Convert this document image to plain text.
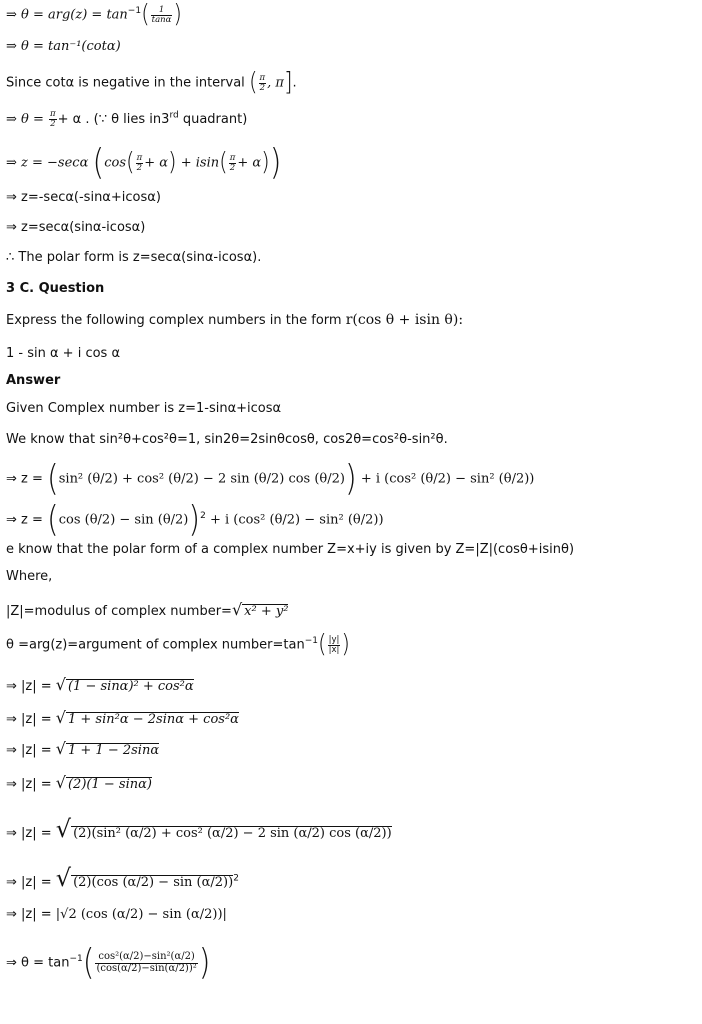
⇒ $\theta = arg(z) = \tan^{-1}( \frac{1}{\tan\alpha}$ )
⇒ θ = tan⁻¹(cotα)
Since cotα is negative in the interval ( $\frac{\pi}{2}$ , π].
⇒ $\theta = \frac{\pi}{2} + \alpha$ . (∵ θ lies in3rd quadrant)
⇒ z = −secα $(\cos( \frac{\pi}{2} + \alpha) + isin( \frac{\pi}{2} + \alpha))$
⇒ z=-secα(-sinα+icosα)
⇒ z=secα(sinα-icosα)
∴ The polar form is z=secα(sinα-icosα).
3 C. Question
Express the following complex numbers in the form r(cos θ + isin θ):
1 - sin α + i cos α
Answer
Given Complex number is z=1-sinα+icosα
We know that sin²θ+cos²θ=1, sin2θ=2sinθcosθ, cos2θ=cos²θ-sin²θ.
⇒ z = (sin² (θ/2) + cos² (θ/2) − 2 sin (θ/2) cos (θ/2)) + i (cos² (θ/2) − sin² (θ/2))
⇒ z = (cos (θ/2) − sin (θ/2))$^2$ + i (cos² (θ/2) − sin² (θ/2))
e know that the polar form of a complex number Z=x+iy is given by Z=|Z|(cosθ+isinθ)
Where,
|Z|=modulus of complex number=√ x² + y²
θ =arg(z)=argument of complex $number=\tan^{-1}( \frac{|y|}{|x|}$ )
⇒ |z| = √ (1 − sinα)² + cos²α
⇒ |z| = √ 1 + sin²α − 2sinα + cos²α
⇒ |z| = √ 1 + 1 − 2sinα
⇒ |z| = √ (2)(1 − sinα)
⇒ |z| = √ (2)(sin² (α/2) + cos² (α/2) − 2 sin (α/2) cos (α/2))
⇒ |z| = √ (2)(cos (α/2) − sin (α/2))$^2$
⇒ |z| = |√2 (cos (α/2) − sin (α/2))|
⇒ $\theta = \tan^{-1}( \frac{\text{cos²(α/2)−sin²(α/2)}}{\text{(cos(α/2)−sin(α/2))²}}$ )
